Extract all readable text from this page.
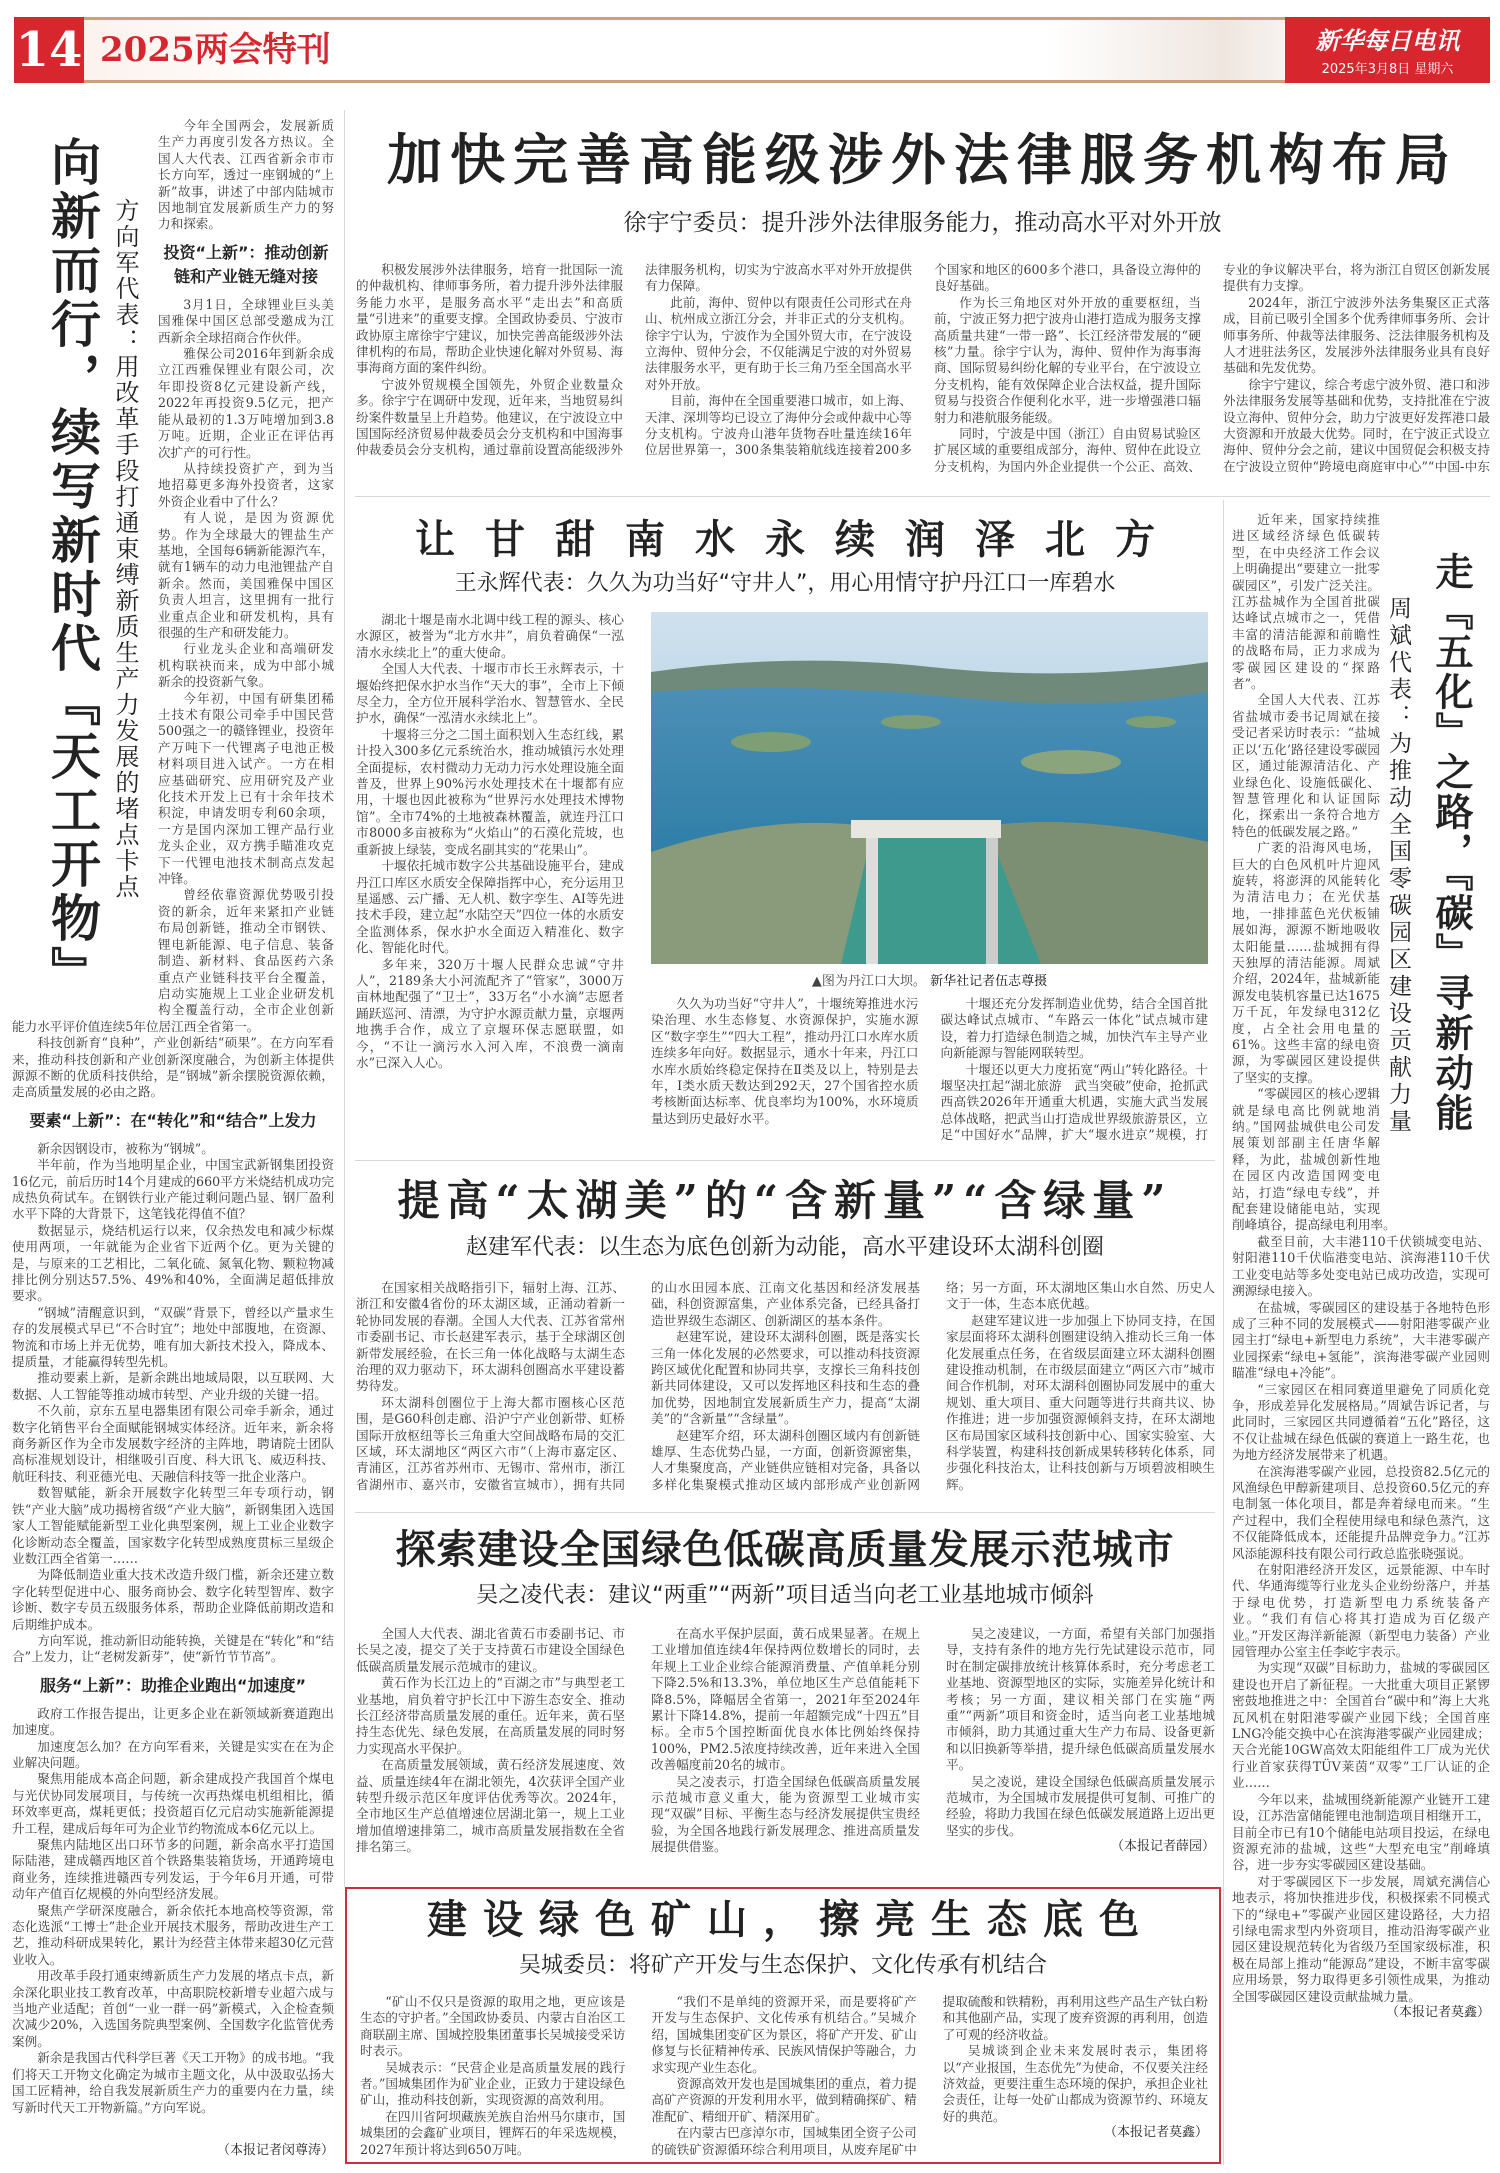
14 2025两会特刊	新华每日电讯
2025年3月8日 星期六
向新而行，续写新时代『天工开物』 方向军代表：用改革手段打通束缚新质生产力发展的堵点卡点

今年全国两会，发展新质生产力再度引发各方热议。全国人大代表、江西省新余市市长方向军，透过一座钢城的“上新”故事，讲述了中部内陆城市因地制宜发展新质生产力的努力和探索。

投资“上新”：推动创新链和产业链无缝对接

3月1日，全球锂业巨头美国雅保中国区总部受邀成为江西新余全球招商合作伙伴。

雅保公司2016年到新余成立江西雅保锂业有限公司，次年即投资8亿元建设新产线，2022年再投资9.5亿元，把产能从最初的1.3万吨增加到3.8万吨。近期，企业正在评估再次扩产的可行性。

从持续投资扩产，到为当地招募更多海外投资者，这家外资企业看中了什么？

有人说，是因为资源优势。作为全球最大的锂盐生产基地，全国每6辆新能源汽车，就有1辆车的动力电池锂盐产自新余。然而，美国雅保中国区负责人坦言，这里拥有一批行业重点企业和研发机构，具有很强的生产和研发能力。

行业龙头企业和高端研发机构联袂而来，成为中部小城新余的投资新气象。

今年初，中国有研集团稀土技术有限公司牵手中国民营500强之一的赣锋锂业，投资年产万吨下一代锂离子电池正极材料项目进入试产。一方在相应基础研究、应用研究及产业化技术开发上已有十余年技术积淀，申请发明专利60余项，一方是国内深加工锂产品行业龙头企业，双方携手瞄准攻克下一代锂电池技术制高点发起冲锋。

曾经依靠资源优势吸引投资的新余，近年来紧扣产业链布局创新链，推动全市钢铁、锂电新能源、电子信息、装备制造、新材料、食品医药六条重点产业链科技平台全覆盖，启动实施规上工业企业研发机构全覆盖行动，全市企业创新能力水平评价值连续5年位居江西全省第一。

科技创新育“良种”，产业创新结“硕果”。在方向军看来，推动科技创新和产业创新深度融合，为创新主体提供源源不断的优质科技供给，是“钢城”新余摆脱资源依赖，走高质量发展的必由之路。

要素“上新”：在“转化”和“结合”上发力

新余因钢设市，被称为“钢城”。

半年前，作为当地明星企业，中国宝武新钢集团投资16亿元，前后历时14个月建成的660平方米烧结机成功完成热负荷试车。在钢铁行业产能过剩问题凸显、钢厂盈利水平下降的大背景下，这笔钱花得值不值？

数据显示，烧结机运行以来，仅余热发电和减少标煤使用两项，一年就能为企业省下近两个亿。更为关键的是，与原来的工艺相比，二氧化硫、氮氧化物、颗粒物减排比例分别达57.5%、49%和40%，全面满足超低排放要求。

“钢城”清醒意识到，“双碳”背景下，曾经以产量求生存的发展模式早已“不合时宜”；地处中部腹地，在资源、物流和市场上并无优势，唯有加大新技术投入，降成本、提质量，才能赢得转型先机。

推动要素上新，是新余跳出地域局限，以互联网、大数据、人工智能等推动城市转型、产业升级的关键一招。

不久前，京东五星电器集团有限公司牵手新余，通过数字化销售平台全面赋能钢城实体经济。近年来，新余将商务新区作为全市发展数字经济的主阵地，聘请院士团队高标准规划设计，相继吸引百度、科大讯飞、威迈科技、航旺科技、利亚德光电、天融信科技等一批企业落户。

数智赋能，新余开展数字化转型三年专项行动，钢铁“产业大脑”成功揭榜省级“产业大脑”，新钢集团入选国家人工智能赋能新型工业化典型案例，规上工业企业数字化诊断动态全覆盖，国家数字化转型成熟度贯标三星级企业数江西全省第一……

为降低制造业重大技术改造升级门槛，新余还建立数字化转型促进中心、服务商协会、数字化转型智库、数字诊断、数字专员五级服务体系，帮助企业降低前期改造和后期维护成本。

方向军说，推动新旧动能转换，关键是在“转化”和“结合”上发力，让“老树发新芽”，使“新竹节节高”。

服务“上新”：助推企业跑出“加速度”

政府工作报告提出，让更多企业在新领域新赛道跑出加速度。

加速度怎么加？在方向军看来，关键是实实在在为企业解决问题。

聚焦用能成本高企问题，新余建成投产我国首个煤电与光伏协同发展项目，与传统一次再热煤电机组相比，循环效率更高，煤耗更低；投资超百亿元启动实施新能源提升工程，建成后每年可为企业节约物流成本6亿元以上。

聚焦内陆地区出口环节多的问题，新余高水平打造国际陆港，建成赣西地区首个铁路集装箱货场，开通跨境电商业务，连续推进赣西专列发运，于今年6月开通，可带动年产值百亿规模的外向型经济发展。

聚焦产学研深度融合，新余依托本地高校等资源，常态化选派“工博士”赴企业开展技术服务，帮助改进生产工艺，推动科研成果转化，累计为经营主体带来超30亿元营业收入。

用改革手段打通束缚新质生产力发展的堵点卡点，新余深化职业技工教育改革，中高职院校新增专业超六成与当地产业适配；首创“一业一群一码”新模式，入企检查频次减少20%，入选国务院典型案例、全国数字化监管优秀案例。

新余是我国古代科学巨著《天工开物》的成书地。“我们将天工开物文化确定为城市主题文化，从中汲取弘扬大国工匠精神，给自我发展新质生产力的重要内在力量，续写新时代天工开物新篇。”方向军说。

（本报记者闵尊涛）
加快完善高能级涉外法律服务机构布局
徐宇宁委员：提升涉外法律服务能力，推动高水平对外开放

积极发展涉外法律服务，培育一批国际一流的仲裁机构、律师事务所，着力提升涉外法律服务能力水平，是服务高水平“走出去”和高质量“引进来”的重要支撑。全国政协委员、宁波市政协原主席徐宇宁建议，加快完善高能级涉外法律机构的布局，帮助企业快速化解对外贸易、海事海商方面的案件纠纷。

宁波外贸规模全国领先，外贸企业数量众多。徐宇宁在调研中发现，近年来，当地贸易纠纷案件数量呈上升趋势。他建议，在宁波设立中国国际经济贸易仲裁委员会分支机构和中国海事仲裁委员会分支机构，通过靠前设置高能级涉外法律服务机构，切实为宁波高水平对外开放提供有力保障。

此前，海仲、贸仲以有限责任公司形式在舟山、杭州成立浙江分会，并非正式的分支机构。徐宇宁认为，宁波作为全国外贸大市，在宁波设立海仲、贸仲分会，不仅能满足宁波的对外贸易法律服务水平，更有助于长三角乃至全国高水平对外开放。

目前，海仲在全国重要港口城市，如上海、天津、深圳等均已设立了海仲分会或仲裁中心等分支机构。宁波舟山港年货物吞吐量连续16年位居世界第一，300条集装箱航线连接着200多个国家和地区的600多个港口，具备设立海仲的良好基础。

作为长三角地区对外开放的重要枢纽，当前，宁波正努力把宁波舟山港打造成为服务支撑高质量共建“一带一路”、长江经济带发展的“硬核”力量。徐宇宁认为，海仲、贸仲作为海事海商、国际贸易纠纷化解的专业平台，在宁波设立分支机构，能有效保障企业合法权益，提升国际贸易与投资合作便利化水平，进一步增强港口辐射力和港航服务能级。

同时，宁波是中国（浙江）自由贸易试验区扩展区域的重要组成部分，海仲、贸仲在此设立分支机构，为国内外企业提供一个公正、高效、专业的争议解决平台，将为浙江自贸区创新发展提供有力支撑。

2024年，浙江宁波涉外法务集聚区正式落成，目前已吸引全国多个优秀律师事务所、会计师事务所、仲裁等法律服务、泛法律服务机构及人才进驻法务区，发展涉外法律服务业具有良好基础和先发优势。

徐宇宁建议，综合考虑宁波外贸、港口和涉外法律服务发展等基础和优势，支持批准在宁波设立海仲、贸仲分会，助力宁波更好发挥港口最大资源和开放最大优势。同时，在宁波正式设立海仲、贸仲分会之前，建议中国贸促会积极支持在宁波设立贸仲“跨境电商庭审中心”“中国-中东

让甘甜南水永续润泽北方
王永辉代表：久久为功当好“守井人”，用心用情守护丹江口一库碧水

湖北十堰是南水北调中线工程的源头、核心水源区，被誉为“北方水井”，肩负着确保“一泓清水永续北上”的重大使命。

全国人大代表、十堰市市长王永辉表示，十堰始终把保水护水当作“天大的事”，全市上下倾尽全力，全方位开展科学治水、智慧管水、全民护水，确保“一泓清水永续北上”。

十堰将三分之二国土面积划入生态红线，累计投入300多亿元系统治水，推动城镇污水处理全面提标，农村微动力无动力污水处理设施全面普及，世界上90%污水处理技术在十堰都有应用，十堰也因此被称为“世界污水处理技术博物馆”。全市74%的土地被森林覆盖，就连丹江口市8000多亩被称为“火焰山”的石漠化荒坡，也重新披上绿装，变成名副其实的“花果山”。

十堰依托城市数字公共基础设施平台，建成丹江口库区水质安全保障指挥中心，充分运用卫星遥感、云广播、无人机、数字孪生、AI等先进技术手段，建立起“水陆空天”四位一体的水质安全监测体系，保水护水全面迈入精准化、数字化、智能化时代。

多年来，320万十堰人民群众忠诚“守井人”，2189条大小河流配齐了“管家”，3000万亩林地配强了“卫士”，33万名“小水滴”志愿者踊跃巡河、清漂，为守护水源贡献力量，京堰两地携手合作，成立了京堰环保志愿联盟，如今，“不让一滴污水入河入库，不浪费一滴南水”已深入人心。

▲图为丹江口大坝。 新华社记者伍志尊摄

久久为功当好“守井人”，十堰统筹推进水污染治理、水生态修复、水资源保护，实施水源区“数字孪生”“四大工程”，推动丹江口水库水质连续多年向好。数据显示，通水十年来，丹江口水库水质始终稳定保持在Ⅱ类及以上，特别是去年，Ⅰ类水质天数达到292天，27个国省控水质考核断面达标率、优良率均为100%，水环境质量达到历史最好水平。

十堰还充分发挥制造业优势，结合全国首批碳达峰试点城市、“车路云一体化”试点城市建设，着力打造绿色制造之城，加快汽车主导产业向新能源与智能网联转型。

十堰还以更大力度拓宽“两山”转化路径。十堰坚决扛起“湖北旅游　武当突破”使命，抢抓武西高铁2026年开通重大机遇，实施大武当发展总体战略，把武当山打造成世界级旅游景区，立足“中国好水”品牌，扩大“堰水进京”规模，打

走『五化』之路，『碳』寻新动能
周斌代表：为推动全国零碳园区建设贡献力量

近年来，国家持续推进区域经济绿色低碳转型，在中央经济工作会议上明确提出“要建立一批零碳园区”，引发广泛关注。江苏盐城作为全国首批碳达峰试点城市之一，凭借丰富的清洁能源和前瞻性的战略布局，正力求成为零碳园区建设的“探路者”。

全国人大代表、江苏省盐城市委书记周斌在接受记者采访时表示：“盐城正以‘五化’路径建设零碳园区，通过能源清洁化、产业绿色化、设施低碳化、智慧管理化和认证国际化，探索出一条符合地方特色的低碳发展之路。”

广袤的沿海风电场，巨大的白色风机叶片迎风旋转，将澎湃的风能转化为清洁电力；在光伏基地，一排排蓝色光伏板铺展如海，源源不断地吸收太阳能量……盐城拥有得天独厚的清洁能源。周斌介绍，2024年，盐城新能源发电装机容量已达1675万千瓦，年发绿电312亿度，占全社会用电量的61%。这些丰富的绿电资源，为零碳园区建设提供了坚实的支撑。

“零碳园区的核心逻辑就是绿电高比例就地消纳。”国网盐城供电公司发展策划部副主任唐华解释，为此，盐城创新性地在园区内改造国网变电站，打造“绿电专线”，并配套建设储能电站，实现削峰填谷，提高绿电利用率。

截至目前，大丰港110千伏锁城变电站、射阳港110千伏临港变电站、滨海港110千伏工业变电站等多处变电站已成功改造，实现可溯源绿电接入。

在盐城，零碳园区的建设基于各地特色形成了三种不同的发展模式——射阳港零碳产业园主打“绿电+新型电力系统”，大丰港零碳产业园探索“绿电+氢能”，滨海港零碳产业园则瞄准“绿电+冷能”。

“三家园区在相同赛道里避免了同质化竞争，形成差异化发展格局。”周斌告诉记者，与此同时，三家园区共同遵循着“五化”路径，这不仅让盐城在绿色低碳的赛道上一路生花，也为地方经济发展带来了机遇。

在滨海港零碳产业园，总投资82.5亿元的风渔绿色甲醇新建项目、总投资60.5亿元的弃电制氢一体化项目，都是奔着绿电而来。“生产过程中，我们全程使用绿电和绿色蒸汽，这不仅能降低成本，还能提升品牌竞争力。”江苏风添能源科技有限公司行政总监张晓强说。

在射阳港经济开发区，远景能源、中车时代、华通海缆等行业龙头企业纷纷落户，并基于绿电优势，打造新型电力系统装备产业。“我们有信心将其打造成为百亿级产业。”开发区海洋新能源（新型电力装备）产业园管理办公室主任李屹宇表示。

为实现“双碳”目标助力，盐城的零碳园区建设也开启了新征程。一大批重大项目正紧锣密鼓地推进之中：全国首台“碳中和”海上大兆瓦风机在射阳港零碳产业园下线；全国首座LNG冷能交换中心在滨海港零碳产业园建成；天合光能10GW高效太阳能组件工厂成为光伏行业首家获得TÜV莱茵“双零”工厂认证的企业……

今年以来，盐城围绕新能源产业链开工建设，江苏浩富储能锂电池制造项目相继开工，目前全市已有10个储能电站项目投运，在绿电资源充沛的盐城，这些“大型充电宝”削峰填谷，进一步夯实零碳园区建设基础。

对于零碳园区下一步发展，周斌充满信心地表示，将加快推进步伐，积极探索不同模式下的“绿电+”零碳产业园区建设路径，大力招引绿电需求型内外资项目，推动沿海零碳产业园区建设规范转化为省级乃至国家级标准，积极在局部上推动“能源岛”建设，不断丰富零碳应用场景，努力取得更多引领性成果，为推动全国零碳园区建设贡献盐城力量。

（本报记者莫鑫）

提高“太湖美”的“含新量”“含绿量”
赵建军代表：以生态为底色创新为动能，高水平建设环太湖科创圈

在国家相关战略指引下，辐射上海、江苏、浙江和安徽4省份的环太湖区域，正涌动着新一轮协同发展的春潮。全国人大代表、江苏省常州市委副书记、市长赵建军表示，基于全球湖区创新带发展经验，在长三角一体化战略与太湖生态治理的双力驱动下，环太湖科创圈高水平建设蓄势待发。

环太湖科创圈位于上海大都市圈核心区范围，是G60科创走廊、沿沪宁产业创新带、虹桥国际开放枢纽等长三角重大空间战略布局的交汇区域，环太湖地区“两区六市”（上海市嘉定区、青浦区，江苏省苏州市、无锡市、常州市，浙江省湖州市、嘉兴市，安徽省宣城市），拥有共同的山水田园本底、江南文化基因和经济发展基础，科创资源富集，产业体系完备，已经具备打造世界级生态湖区、创新湖区的基本条件。

赵建军说，建设环太湖科创圈，既是落实长三角一体化发展的必然要求，可以推动科技资源跨区域优化配置和协同共享，支撑长三角科技创新共同体建设，又可以发挥地区科技和生态的叠加优势，因地制宜发展新质生产力，提高“太湖美”的“含新量”“含绿量”。

赵建军介绍，环太湖科创圈区域内有创新链雄厚、生态优势凸显，一方面，创新资源密集，人才集聚度高，产业链供应链相对完备，具备以多样化集聚模式推动区域内部形成产业创新网络；另一方面，环太湖地区集山水自然、历史人文于一体，生态本底优越。

赵建军建议进一步加强上下协同支持，在国家层面将环太湖科创圈建设纳入推动长三角一体化发展重点任务，在省级层面建立环太湖科创圈建设推动机制，在市级层面建立“两区六市”城市间合作机制，对环太湖科创圈协同发展中的重大规划、重大项目、重大问题等进行共商共议、协作推进；进一步加强资源倾斜支持，在环太湖地区布局国家区域科技创新中心、国家实验室、大科学装置，构建科技创新成果转移转化体系，同步强化科技治太，让科技创新与万顷碧波相映生辉。

探索建设全国绿色低碳高质量发展示范城市
吴之凌代表：建议“两重”“两新”项目适当向老工业基地城市倾斜

全国人大代表、湖北省黄石市委副书记、市长吴之凌，提交了关于支持黄石市建设全国绿色低碳高质量发展示范城市的建议。

黄石作为长江边上的“百湖之市”与典型老工业基地，肩负着守护长江中下游生态安全、推动长江经济带高质量发展的重任。近年来，黄石坚持生态优先、绿色发展，在高质量发展的同时努力实现高水平保护。

在高质量发展领域，黄石经济发展速度、效益、质量连续4年在湖北领先，4次获评全国产业转型升级示范区年度评估优秀等次。2024年，全市地区生产总值增速位居湖北第一，规上工业增加值增速排第二，城市高质量发展指数在全省排名第三。

在高水平保护层面，黄石成果显著。在规上工业增加值连续4年保持两位数增长的同时，去年规上工业企业综合能源消费量、产值单耗分别下降2.5%和13.3%，单位地区生产总值能耗下降8.5%，降幅居全省第一，2021年至2024年累计下降14.8%，提前一年超额完成“十四五”目标。全市5个国控断面优良水体比例始终保持100%，PM2.5浓度持续改善，近年来进入全国改善幅度前20名的城市。

吴之凌表示，打造全国绿色低碳高质量发展示范城市意义重大，能为资源型工业城市实现“双碳”目标、平衡生态与经济发展提供宝贵经验，为全国各地践行新发展理念、推进高质量发展提供借鉴。

吴之凌建议，一方面，希望有关部门加强指导，支持有条件的地方先行先试建设示范市，同时在制定碳排放统计核算体系时，充分考虑老工业基地、资源型地区的实际，实施差异化统计和考核；另一方面，建议相关部门在实施“两重”“两新”项目和资金时，适当向老工业基地城市倾斜，助力其通过重大生产力布局、设备更新和以旧换新等举措，提升绿色低碳高质量发展水平。

吴之凌说，建设全国绿色低碳高质量发展示范城市，为全国城市发展提供可复制、可推广的经验，将助力我国在绿色低碳发展道路上迈出更坚实的步伐。

（本报记者薛园）

建设绿色矿山，擦亮生态底色
吴城委员：将矿产开发与生态保护、文化传承有机结合

“矿山不仅只是资源的取用之地，更应该是生态的守护者。”全国政协委员、内蒙古自治区工商联副主席、国城控股集团董事长吴城接受采访时表示。

吴城表示：“民营企业是高质量发展的践行者。”国城集团作为矿业企业，正致力于建设绿色矿山，推动科技创新，实现资源的高效利用。

在四川省阿坝藏族羌族自治州马尔康市，国城集团的会鑫矿业项目，锂辉石的年采选规模，2027年预计将达到650万吨。

“我们不是单纯的资源开采，而是要将矿产开发与生态保护、文化传承有机结合。”吴城介绍，国城集团变矿区为景区，将矿产开发、矿山修复与长征精神传承、民族风情保护等融合，力求实现产业生态化。

资源高效开发也是国城集团的重点，着力提高矿产资源的开发利用水平，做到精确探矿、精准配矿、精细开矿、精深用矿。

在内蒙古巴彦淖尔市，国城集团全资子公司的硫铁矿资源循环综合利用项目，从废弃尾矿中提取硫酸和铁精粉，再利用这些产品生产钛白粉和其他副产品，实现了废弃资源的再利用，创造了可观的经济收益。

吴城谈到企业未来发展时表示，集团将以“产业报国，生态优先”为使命，不仅要关注经济效益，更要注重生态环境的保护，承担企业社会责任，让每一处矿山都成为资源节约、环境友好的典范。

（本报记者莫鑫）
